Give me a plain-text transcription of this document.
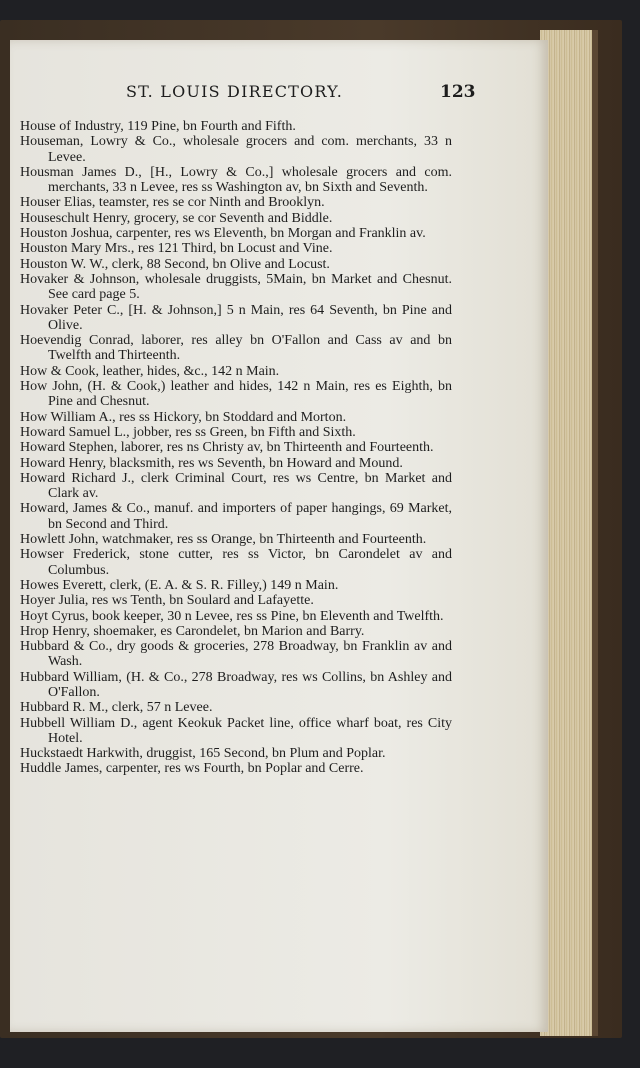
ST. LOUIS DIRECTORY.	123
House of Industry, 119 Pine, bn Fourth and Fifth.
Houseman, Lowry & Co., wholesale grocers and com. merchants, 33 n Levee.
Housman James D., [H., Lowry & Co.,] wholesale grocers and com. merchants, 33 n Levee, res ss Washington av, bn Sixth and Seventh.
Houser Elias, teamster, res se cor Ninth and Brooklyn.
Houseschult Henry, grocery, se cor Seventh and Biddle.
Houston Joshua, carpenter, res ws Eleventh, bn Morgan and Franklin av.
Houston Mary Mrs., res 121 Third, bn Locust and Vine.
Houston W. W., clerk, 88 Second, bn Olive and Locust.
Hovaker & Johnson, wholesale druggists, 5Main, bn Market and Chesnut. See card page 5.
Hovaker Peter C., [H. & Johnson,] 5 n Main, res 64 Seventh, bn Pine and Olive.
Hoevendig Conrad, laborer, res alley bn O'Fallon and Cass av and bn Twelfth and Thirteenth.
How & Cook, leather, hides, &c., 142 n Main.
How John, (H. & Cook,) leather and hides, 142 n Main, res es Eighth, bn Pine and Chesnut.
How William A., res ss Hickory, bn Stoddard and Morton.
Howard Samuel L., jobber, res ss Green, bn Fifth and Sixth.
Howard Stephen, laborer, res ns Christy av, bn Thirteenth and Fourteenth.
Howard Henry, blacksmith, res ws Seventh, bn Howard and Mound.
Howard Richard J., clerk Criminal Court, res ws Centre, bn Market and Clark av.
Howard, James & Co., manuf. and importers of paper hangings, 69 Market, bn Second and Third.
Howlett John, watchmaker, res ss Orange, bn Thirteenth and Fourteenth.
Howser Frederick, stone cutter, res ss Victor, bn Carondelet av and Columbus.
Howes Everett, clerk, (E. A. & S. R. Filley,) 149 n Main.
Hoyer Julia, res ws Tenth, bn Soulard and Lafayette.
Hoyt Cyrus, book keeper, 30 n Levee, res ss Pine, bn Eleventh and Twelfth.
Hrop Henry, shoemaker, es Carondelet, bn Marion and Barry.
Hubbard & Co., dry goods & groceries, 278 Broadway, bn Franklin av and Wash.
Hubbard William, (H. & Co., 278 Broadway, res ws Collins, bn Ashley and O'Fallon.
Hubbard R. M., clerk, 57 n Levee.
Hubbell William D., agent Keokuk Packet line, office wharf boat, res City Hotel.
Huckstaedt Harkwith, druggist, 165 Second, bn Plum and Poplar.
Huddle James, carpenter, res ws Fourth, bn Poplar and Cerre.
